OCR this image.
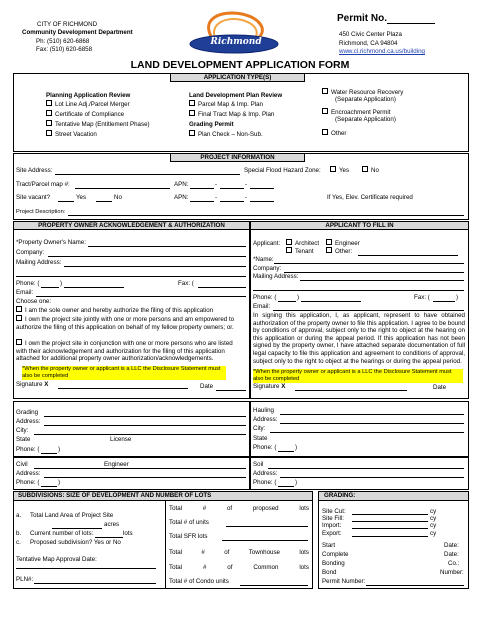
CITY OF RICHMOND
Community Development Department
Ph: (510) 620-6868
Fax: (510) 620-6858
Richmond
Permit No.
450 Civic Center Plaza
Richmond, CA 94804
www.ci.richmond.ca.us/building
LAND DEVELOPMENT APPLICATION FORM
APPLICATION TYPE(S)
Planning Application Review
Lot Line Adj./Parcel Merger
Certificate of Compliance
Tentative Map (Entitlement Phase)
Street Vacation
Land Development Plan Review
Parcel Map & Imp. Plan
Final Tract Map & Imp. Plan
Grading Permit
Plan Check – Non-Sub.
Water Resource Recovery
(Separate Application)
Encroachment Permit
(Separate Application)
Other
PROJECT INFORMATION
Site Address:	Special Flood Hazard Zone:	Yes	No
Tract/Parcel map #:	APN:	-	-
Site vacant?	Yes	No	APN:	-	-	If Yes, Elev. Certificate required
Project Description:
PROPERTY OWNER ACKNOWLEDGEMENT & AUTHORIZATION
*Property Owner's Name:
Company:
Mailing Address:
Phone: (	)	Fax: (
Email:
Choose one:
I am the sole owner and hereby authorize the filing of this application
I own the project site jointly with one or more persons and am empowered to authorize the filing of this application on behalf of my fellow property owners; or.
I own the project site in conjunction with one or more persons who are listed with their acknowledgement and authorization for the filing of this application attached for additional property owner authorization/acknowledgements.
*When the property owner or applicant is a LLC the Disclosure Statement must also be completed
Signature X	Date
APPLICANT TO FILL IN
Applicant:	Architect	Engineer
Tenant	Other:
*Name:
Company:
Mailing Address:
Phone: (	)	Fax: (	)
Email:
In signing this application, I, as applicant, represent to have obtained authorization of the property owner to file this application. I agree to be bound by conditions of approval, subject only to the right to object at the hearing on this application or during the appeal period. If this application has not been signed by the property owner, I have attached separate documentation of full legal capacity to file this application and agreement to conditions of approval, subject only to the right to object at the hearings or during the appeal period.
*When the property owner or applicant is a LLC the Disclosure Statement must also be completed
Signature X	Date
Grading
Address:
City:
State	License
Phone: (	)
Hauling
Address:
City:
State
Phone: (	)
Civil	Engineer
Address:
Phone: (	)
Soil
Address:
Phone: (	)
SUBDIVISIONS: SIZE OF DEVELOPMENT AND NUMBER OF LOTS
a. Total Land Area of Project Site
acres
b. Current number of lots:	lots
c. Proposed subdivision? Yes or No
Tentative Map Approval Date:
PLN#:
Total	#	of	proposed	lots
Total # of units
Total SFR lots
Total	#	of	Townhouse	lots
Total	#	of	Common	lots
Total # of Condo units
GRADING:
Site Cut:	cy
Site Fill:	cy
Import:	cy
Export:	cy
Start	Date:
Complete	Date:
Bonding	Co.:
Bond	Number:
Permit Number:
